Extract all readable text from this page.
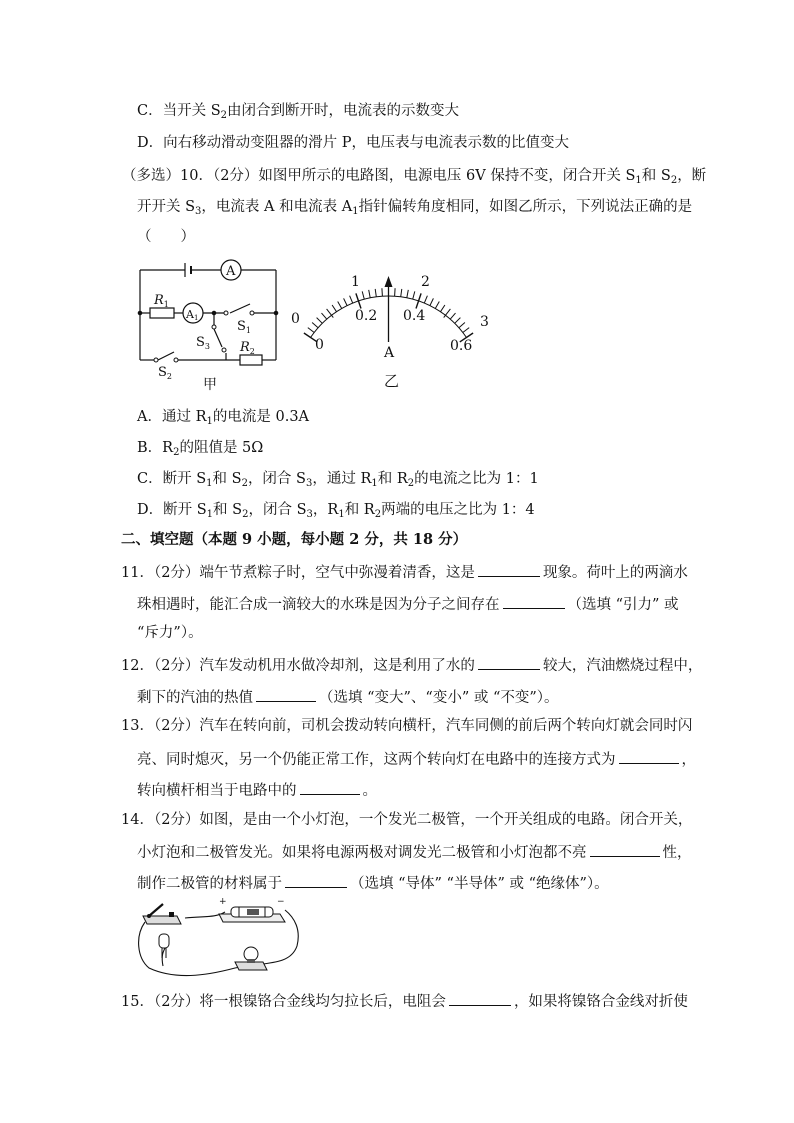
C．当开关 $S_2$由闭合到断开时，电流表的示数变大
D．向右移动滑动变阻器的滑片 P，电压表与电流表示数的比值变大
（多选）10．（2分）如图甲所示的电路图，电源电压 6V 保持不变，闭合开关 $S_1$和 $S_2$，断
开开关 $S_3$，电流表 A 和电流表 $A_1$指针偏转角度相同，如图乙所示，下列说法正确的是
（　　）
A
A1
$R_1$
$R_2$
$S_1$
$S_3$
$S_2$
甲
0
1	2
3
0
0.2 0.4
0.6
A
乙
A．通过 $R_1$的电流是 0.3A
B．$R_2$的阻值是 5Ω
C．断开 $S_1$和 $S_2$，闭合 $S_3$，通过 $R_1$和 $R_2$的电流之比为 1：1
D．断开 $S_1$和 $S_2$，闭合 $S_3$，$R_1$和 $R_2$两端的电压之比为 1：4
二、填空题（本题 9 小题，每小题 2 分，共 18 分）
11．（2分）端午节煮粽子时，空气中弥漫着清香，这是	现象。荷叶上的两滴水
珠相遇时，能汇合成一滴较大的水珠是因为分子之间存在	（选填 “引力” 或
“斥力”）。
12．（2分）汽车发动机用水做冷却剂，这是利用了水的	较大，汽油燃烧过程中，
剩下的汽油的热值	（选填 “变大”、“变小” 或 “不变”）。
13．（2分）汽车在转向前，司机会拨动转向横杆，汽车同侧的前后两个转向灯就会同时闪
亮、同时熄灭，另一个仍能正常工作，这两个转向灯在电路中的连接方式为	，
转向横杆相当于电路中的	。
14．（2分）如图，是由一个小灯泡，一个发光二极管，一个开关组成的电路。闭合开关，
小灯泡和二极管发光。如果将电源两极对调发光二极管和小灯泡都不亮	性，
制作二极管的材料属于	（选填 “导体” “半导体” 或 “绝缘体”）。
+	−
15．（2分）将一根镍铬合金线均匀拉长后，电阻会	，如果将镍铬合金线对折使
